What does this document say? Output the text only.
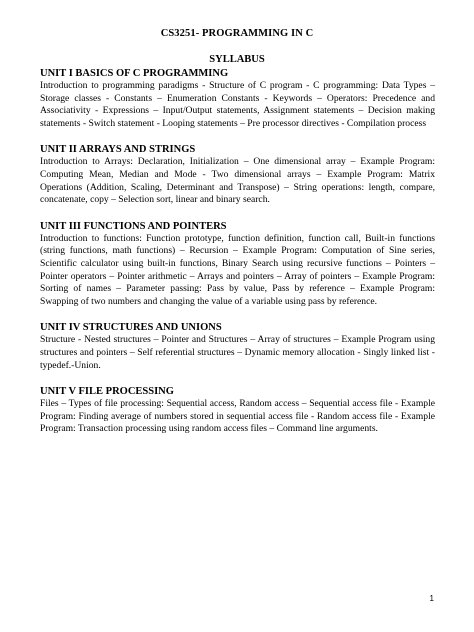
CS3251- PROGRAMMING IN C
SYLLABUS

UNIT I BASICS OF C PROGRAMMING

Introduction to programming paradigms - Structure of C program - C programming: Data Types – Storage classes - Constants – Enumeration Constants - Keywords – Operators: Precedence and Associativity - Expressions – Input/Output statements, Assignment statements – Decision making statements - Switch statement - Looping statements – Pre processor directives - Compilation process

UNIT II ARRAYS AND STRINGS

Introduction to Arrays: Declaration, Initialization – One dimensional array – Example Program: Computing Mean, Median and Mode - Two dimensional arrays – Example Program: Matrix Operations (Addition, Scaling, Determinant and Transpose) – String operations: length, compare, concatenate, copy – Selection sort, linear and binary search.

UNIT III FUNCTIONS AND POINTERS

Introduction to functions: Function prototype, function definition, function call, Built-in functions (string functions, math functions) – Recursion – Example Program: Computation of Sine series, Scientific calculator using built-in functions, Binary Search using recursive functions – Pointers – Pointer operators – Pointer arithmetic – Arrays and pointers – Array of pointers – Example Program: Sorting of names – Parameter passing: Pass by value, Pass by reference – Example Program: Swapping of two numbers and changing the value of a variable using pass by reference.

UNIT IV STRUCTURES AND UNIONS

Structure - Nested structures – Pointer and Structures – Array of structures – Example Program using structures and pointers – Self referential structures – Dynamic memory allocation - Singly linked list - typedef.-Union.

UNIT V FILE PROCESSING

Files – Types of file processing: Sequential access, Random access – Sequential access file - Example Program: Finding average of numbers stored in sequential access file - Random access file - Example Program: Transaction processing using random access files – Command line arguments.

1
